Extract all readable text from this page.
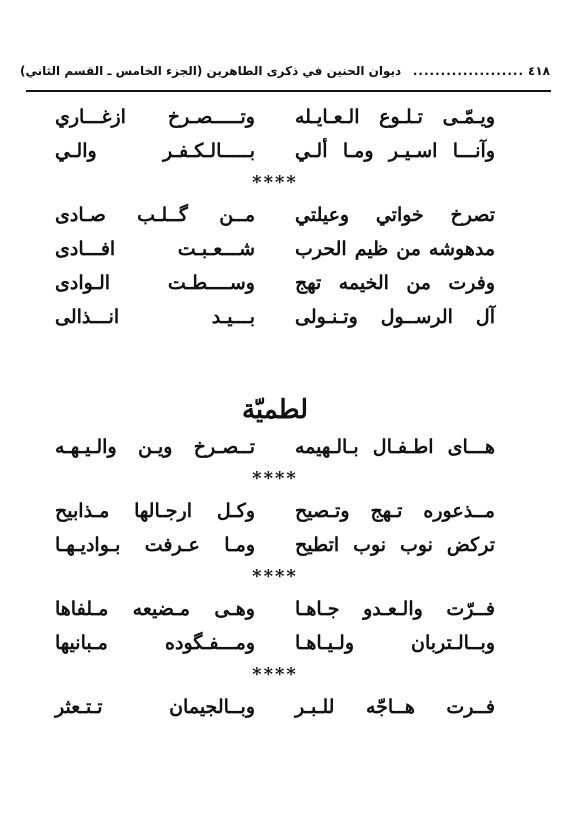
٤١٨
....................
ديوان الحنين في ذكرى الطاهرين (الجزء الخامس ـ القسم الثاني)
ويـمّـى تـلـوع الـعـايـله
وتـــــصـرخ ازغـــاري
وآنـــا اسـيـر ومـا ألـي
بـــــالـكـفـر والـي
****
تصرخ خواتي وعيلتي
مــن گــلـب صـادى
مدهوشه من ظيم الحرب
شـــعـبـت افـــادى
وفرت من الخيمه تهج
وســــطـت الـوادى
آل الرســول وتـنـولى
بـــيـد انـــذالى
لطميّة
هـــاى اطـفـال بـالـهيمه
تــصـرخ ويـن والـيـهـه
****
مــذعوره تـهج وتـصيح
وكـل ارجـالها مـذابيح
تركض نوب نوب اتطيح
ومـا عـرفت بـواديـهـا
****
فــرّت والـعـدو جـاهـا
وهـى مـضيعه مـلفاها
وبــالـتربان ولـيـاهـا
ومـــفـگوده مـبانيها
****
فــرت هــاجّه للـبـر
وبــالجيمان تـتـعثر
